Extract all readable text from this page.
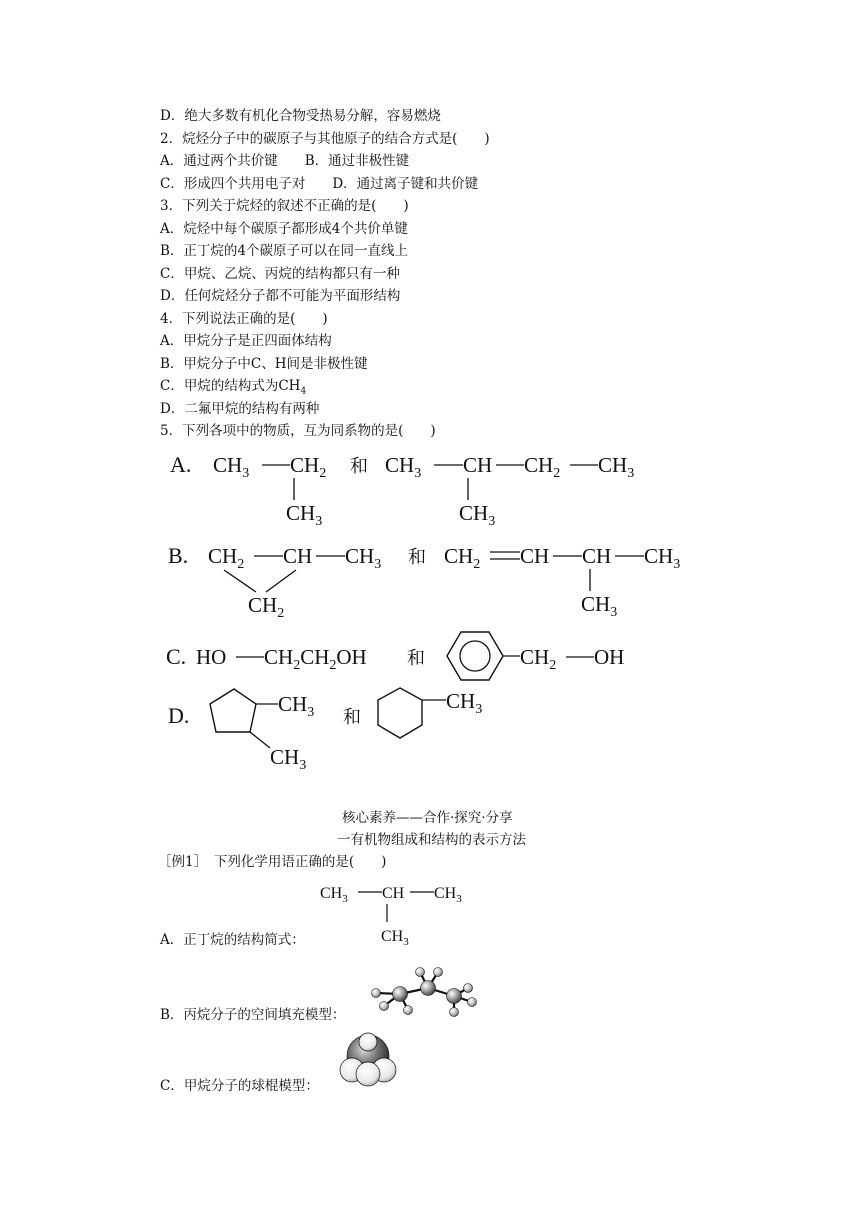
D．绝大多数有机化合物受热易分解，容易燃烧
2．烷烃分子中的碳原子与其他原子的结合方式是(　　)
A．通过两个共价键　　B．通过非极性键
C．形成四个共用电子对　　D．通过离子键和共价键
3．下列关于烷烃的叙述不正确的是(　　)
A．烷烃中每个碳原子都形成4个共价单键
B．正丁烷的4个碳原子可以在同一直线上
C．甲烷、乙烷、丙烷的结构都只有一种
D．任何烷烃分子都不可能为平面形结构
4．下列说法正确的是(　　)
A．甲烷分子是正四面体结构
B．甲烷分子中C、H间是非极性键
C．甲烷的结构式为$CH_4$
D．二氟甲烷的结构有两种
5．下列各项中的物质，互为同系物的是(　　)
A. $CH_3$ $CH_2$
$CH_3$
和 $CH_3$ CH
$CH_3$
$CH_2$ $CH_3$
B. $CH_2$ CH $CH_3$
$CH_2$
和 $CH_2$ CH CH
$CH_3$
$CH_3$
C. HO $CH_2CH_2OH$ 和	$CH_2$ OH
D.	$CH_3$
$CH_3$
和
$CH_3$
核心素养——合作·探究·分享
一有机物组成和结构的表示方法
［例1］　下列化学用语正确的是(　　)
$CH_3$ CH
$CH_3$
$CH_3$
A．正丁烷的结构简式：
B．丙烷分子的空间填充模型：
C．甲烷分子的球棍模型：
